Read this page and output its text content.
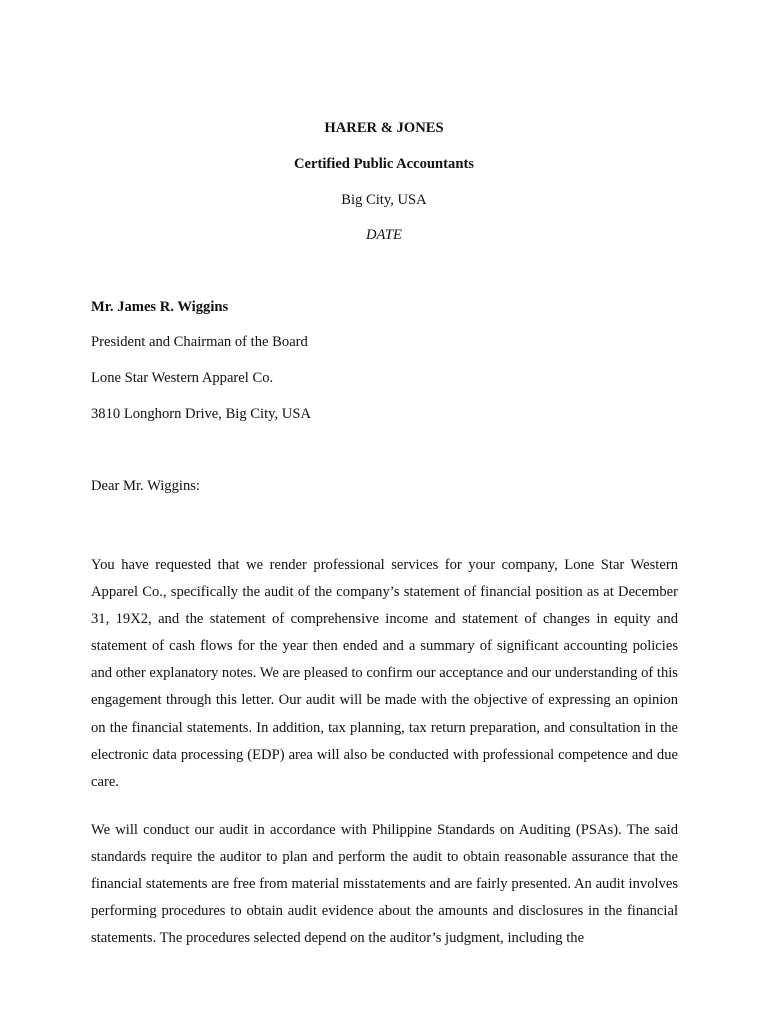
HARER & JONES
Certified Public Accountants
Big City, USA
DATE
Mr. James R. Wiggins
President and Chairman of the Board
Lone Star Western Apparel Co.
3810 Longhorn Drive, Big City, USA
Dear Mr. Wiggins:

You have requested that we render professional services for your company, Lone Star Western Apparel Co., specifically the audit of the company’s statement of financial position as at December 31, 19X2, and the statement of comprehensive income and statement of changes in equity and statement of cash flows for the year then ended and a summary of significant accounting policies and other explanatory notes. We are pleased to confirm our acceptance and our understanding of this engagement through this letter. Our audit will be made with the objective of expressing an opinion on the financial statements. In addition, tax planning, tax return preparation, and consultation in the electronic data processing (EDP) area will also be conducted with professional competence and due care.

We will conduct our audit in accordance with Philippine Standards on Auditing (PSAs). The said standards require the auditor to plan and perform the audit to obtain reasonable assurance that the financial statements are free from material misstatements and are fairly presented. An audit involves performing procedures to obtain audit evidence about the amounts and disclosures in the financial statements. The procedures selected depend on the auditor’s judgment, including the
